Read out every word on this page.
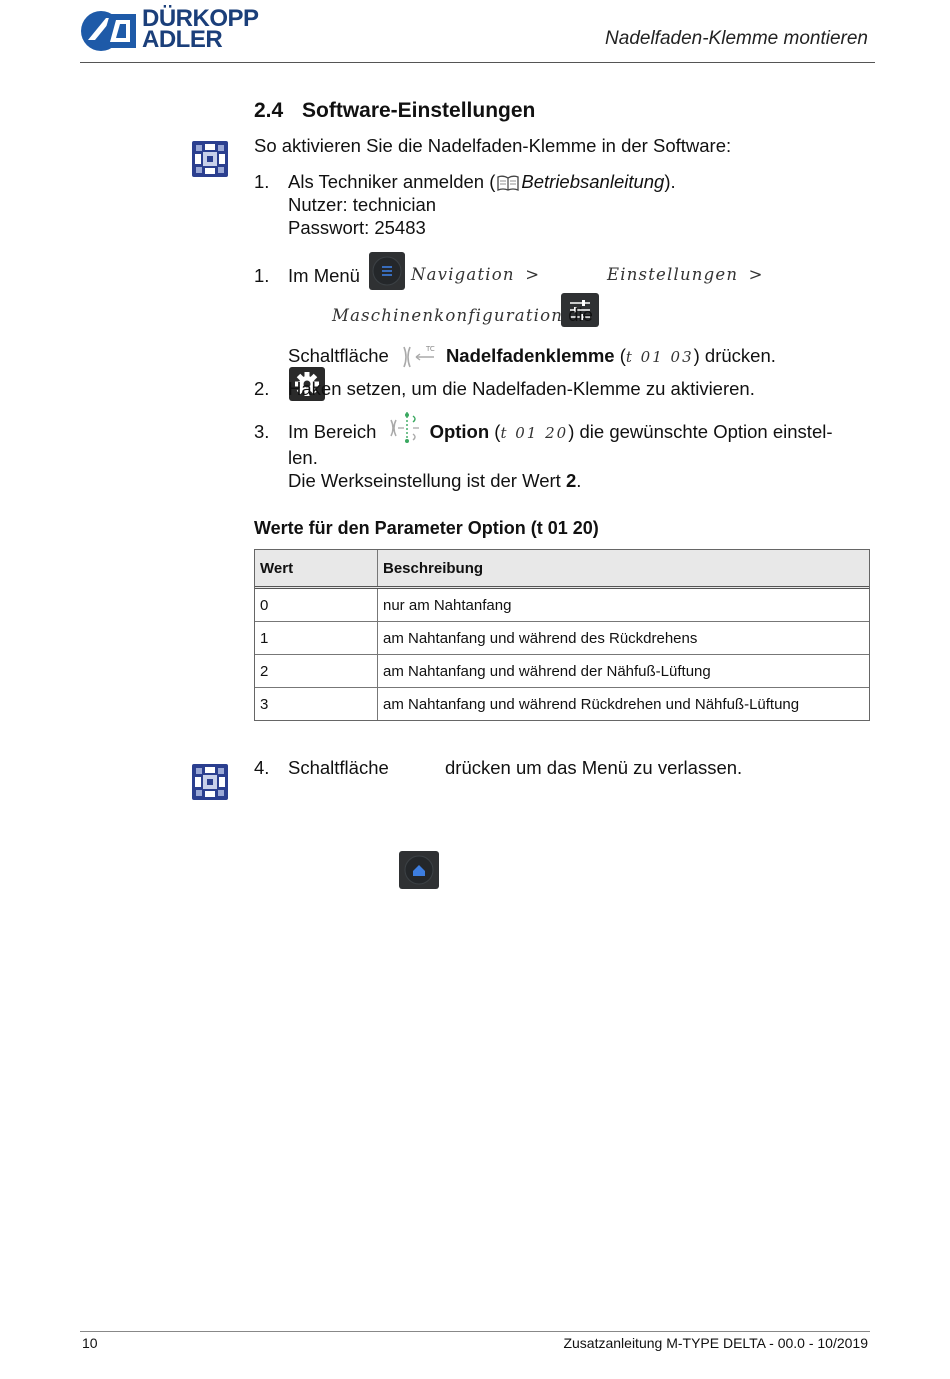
DÜRKOPP
ADLER	Nadelfaden-Klemme montieren
2.4 Software-Einstellungen
So aktivieren Sie die Nadelfaden-Klemme in der Software:
1.	Als Techniker anmelden ( Betriebsanleitung).
Nutzer: technician
Passwort: 25483
1.	Im Menü	Navigation >	Einstellungen >
Maschinenkonfiguration die
Schaltfläche	TC Nadelfadenklemme (t 01 03) drücken.
2.	Haken setzen, um die Nadelfaden-Klemme zu aktivieren.
3.	Im Bereich	Option (t 01 20) die gewünschte Option einstel-
len.
Die Werkseinstellung ist der Wert 2.
Werte für den Parameter Option (t 01 20)
Wert	Beschreibung
0	nur am Nahtanfang
1	am Nahtanfang und während des Rückdrehens
2	am Nahtanfang und während der Nähfuß-Lüftung
3	am Nahtanfang und während Rückdrehen und Nähfuß-Lüftung
4.	Schaltfläche	drücken um das Menü zu verlassen.
10	Zusatzanleitung M-TYPE DELTA - 00.0 - 10/2019
